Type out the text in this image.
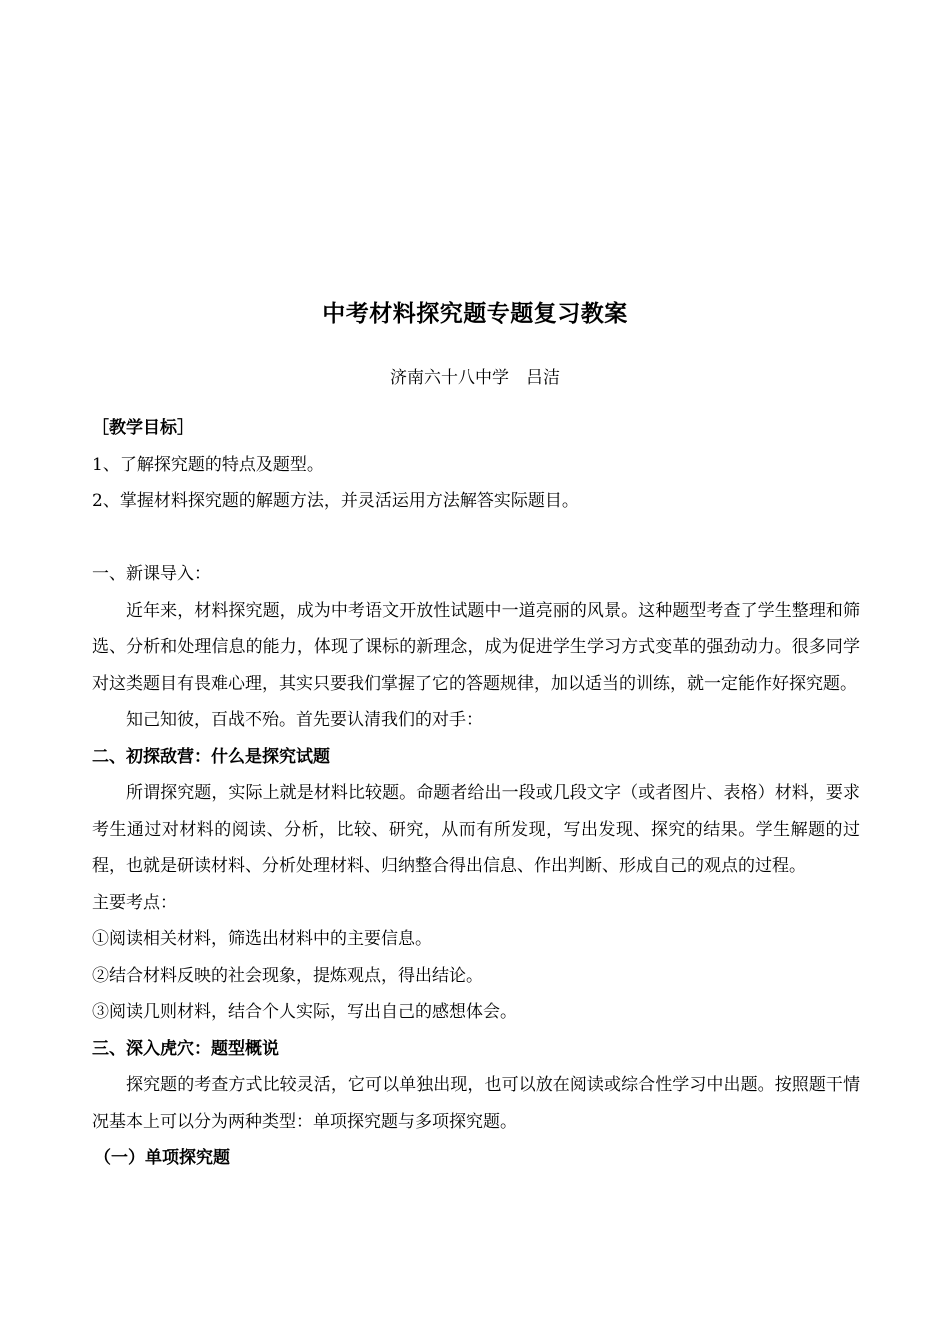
中考材料探究题专题复习教案
济南六十八中学　吕洁
［教学目标］
1、了解探究题的特点及题型。
2、掌握材料探究题的解题方法，并灵活运用方法解答实际题目。
一、新课导入：
近年来，材料探究题，成为中考语文开放性试题中一道亮丽的风景。这种题型考查了学生整理和筛选、分析和处理信息的能力，体现了课标的新理念，成为促进学生学习方式变革的强劲动力。很多同学对这类题目有畏难心理，其实只要我们掌握了它的答题规律，加以适当的训练，就一定能作好探究题。
知己知彼，百战不殆。首先要认清我们的对手：
二、初探敌营：什么是探究试题
所谓探究题，实际上就是材料比较题。命题者给出一段或几段文字（或者图片、表格）材料，要求考生通过对材料的阅读、分析，比较、研究，从而有所发现，写出发现、探究的结果。学生解题的过程，也就是研读材料、分析处理材料、归纳整合得出信息、作出判断、形成自己的观点的过程。
主要考点：
①阅读相关材料，筛选出材料中的主要信息。
②结合材料反映的社会现象，提炼观点，得出结论。
③阅读几则材料，结合个人实际，写出自己的感想体会。
三、深入虎穴：题型概说
探究题的考查方式比较灵活，它可以单独出现，也可以放在阅读或综合性学习中出题。按照题干情况基本上可以分为两种类型：单项探究题与多项探究题。
（一）单项探究题
